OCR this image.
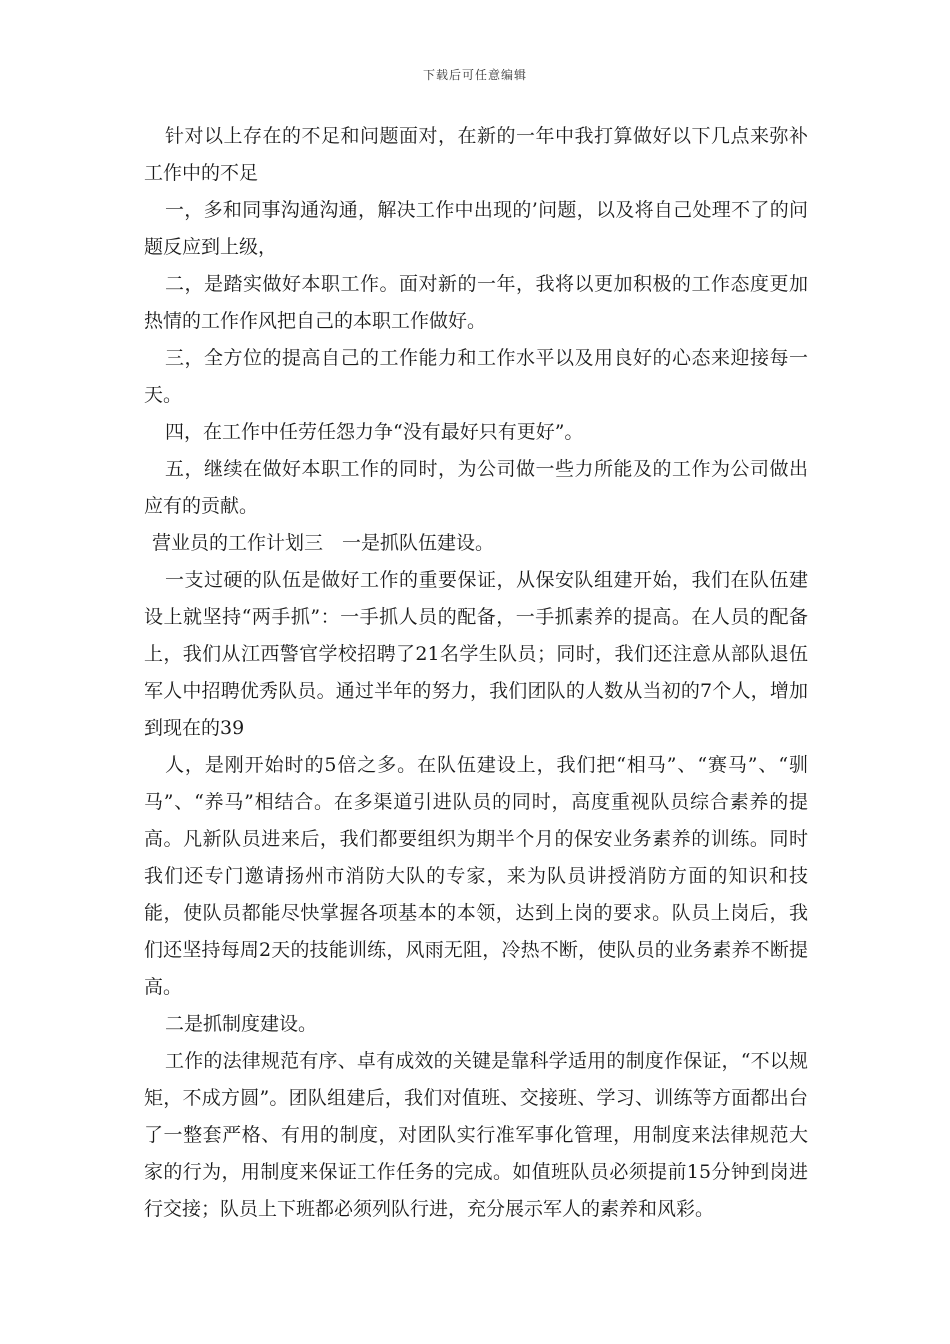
下载后可任意编辑

针对以上存在的不足和问题面对，在新的一年中我打算做好以下几点来弥补工作中的不足

一，多和同事沟通沟通，解决工作中出现的’问题，以及将自己处理不了的问题反应到上级，

二，是踏实做好本职工作。面对新的一年，我将以更加积极的工作态度更加热情的工作作风把自己的本职工作做好。

三，全方位的提高自己的工作能力和工作水平以及用良好的心态来迎接每一天。

四，在工作中任劳任怨力争“没有最好只有更好”。

五，继续在做好本职工作的同时，为公司做一些力所能及的工作为公司做出应有的贡献。

营业员的工作计划三　一是抓队伍建设。

一支过硬的队伍是做好工作的重要保证，从保安队组建开始，我们在队伍建设上就坚持“两手抓”：一手抓人员的配备，一手抓素养的提高。在人员的配备上，我们从江西警官学校招聘了21名学生队员；同时，我们还注意从部队退伍军人中招聘优秀队员。通过半年的努力，我们团队的人数从当初的7个人，增加到现在的39

人，是刚开始时的5倍之多。在队伍建设上，我们把“相马”、“赛马”、“驯马”、“养马”相结合。在多渠道引进队员的同时，高度重视队员综合素养的提高。凡新队员进来后，我们都要组织为期半个月的保安业务素养的训练。同时我们还专门邀请扬州市消防大队的专家，来为队员讲授消防方面的知识和技能，使队员都能尽快掌握各项基本的本领，达到上岗的要求。队员上岗后，我们还坚持每周2天的技能训练，风雨无阻，冷热不断，使队员的业务素养不断提高。

二是抓制度建设。

工作的法律规范有序、卓有成效的关键是靠科学适用的制度作保证，“不以规矩，不成方圆”。团队组建后，我们对值班、交接班、学习、训练等方面都出台了一整套严格、有用的制度，对团队实行准军事化管理，用制度来法律规范大家的行为，用制度来保证工作任务的完成。如值班队员必须提前15分钟到岗进行交接；队员上下班都必须列队行进，充分展示军人的素养和风彩。
